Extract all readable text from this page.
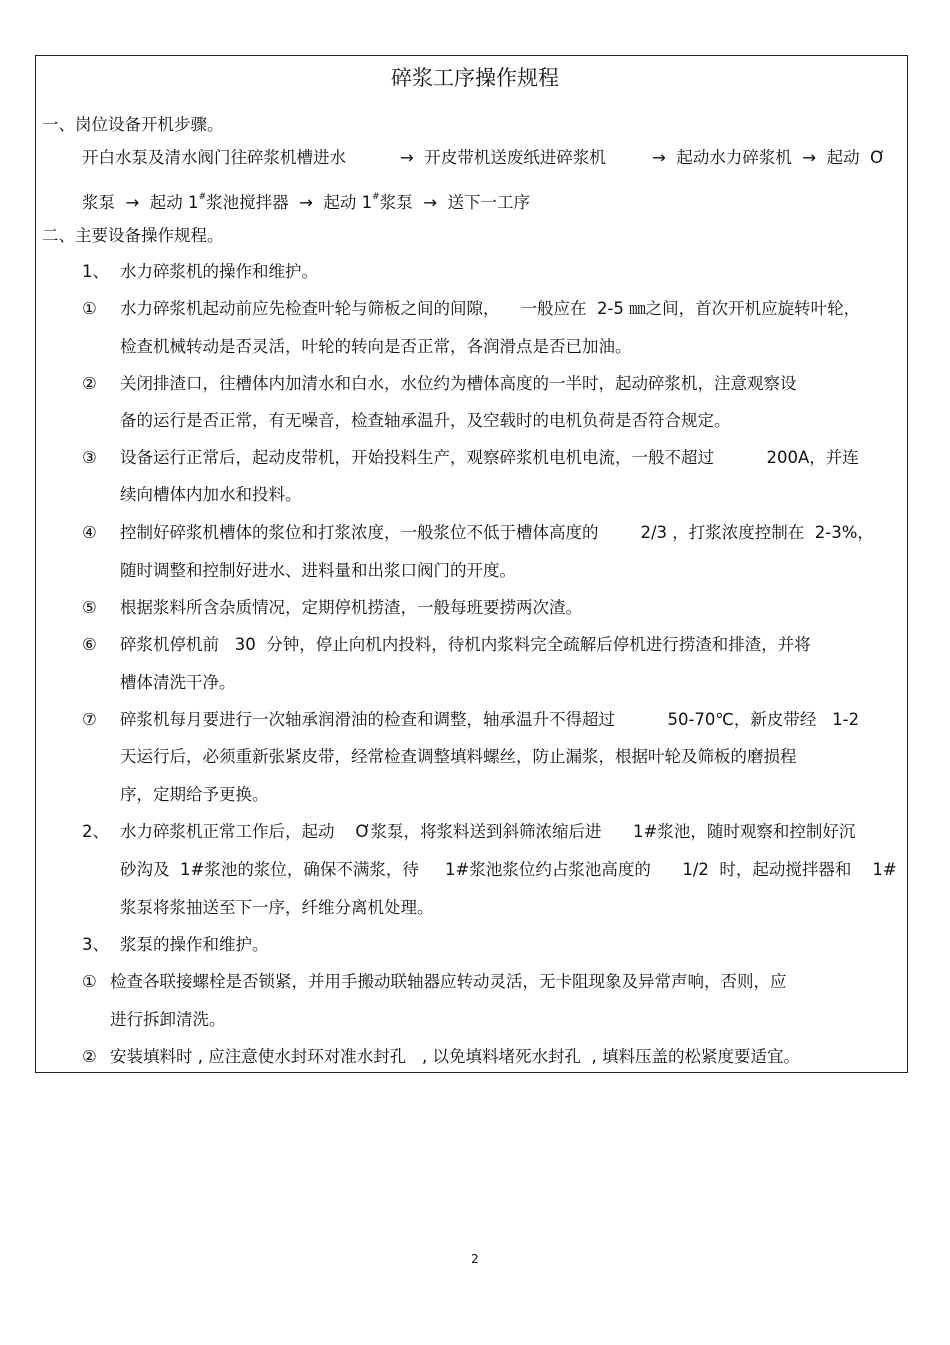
碎浆工序操作规程
一、岗位设备开机步骤。
开白水泵及清水阀门往碎浆机槽进水	→  开皮带机送废纸进碎浆机	→  起动水力碎浆机  →  起动  Ơ
浆泵  →  起动 1#浆池搅拌器  →  起动 1#浆泵  →  送下一工序
二、主要设备操作规程。
1、 水力碎浆机的操作和维护。
① 水力碎浆机起动前应先检查叶轮与筛板之间的间隙，    一般应在  2-5 ㎜之间，首次开机应旋转叶轮，
检查机械转动是否灵活，叶轮的转向是否正常，各润滑点是否已加油。
② 关闭排渣口，往槽体内加清水和白水，水位约为槽体高度的一半时，起动碎浆机，注意观察设
备的运行是否正常，有无噪音，检查轴承温升，及空载时的电机负荷是否符合规定。
③ 设备运行正常后，起动皮带机，开始投料生产，观察碎浆机电机电流，一般不超过          200A，并连
续向槽体内加水和投料。
④ 控制好碎浆机槽体的浆位和打浆浓度，一般浆位不低于槽体高度的        2/3 ，打浆浓度控制在  2-3%，
随时调整和控制好进水、进料量和出浆口阀门的开度。
⑤ 根据浆料所含杂质情况，定期停机捞渣，一般每班要捞两次渣。
⑥ 碎浆机停机前   30  分钟，停止向机内投料，待机内浆料完全疏解后停机进行捞渣和排渣，并将
槽体清洗干净。
⑦ 碎浆机每月要进行一次轴承润滑油的检查和调整，轴承温升不得超过          50-70℃，新皮带经   1-2
天运行后，必须重新张紧皮带，经常检查调整填料螺丝，防止漏浆，根据叶轮及筛板的磨损程
序，定期给予更换。
2、 水力碎浆机正常工作后，起动    Ơ浆泵，将浆料送到斜筛浓缩后进      1#浆池，随时观察和控制好沉
砂沟及  1#浆池的浆位，确保不满浆，待     1#浆池浆位约占浆池高度的      1/2  时，起动搅拌器和    1#
浆泵将浆抽送至下一序，纤维分离机处理。
3、 浆泵的操作和维护。
① 检查各联接螺栓是否锁紧，并用手搬动联轴器应转动灵活，无卡阻现象及异常声响，否则，应
进行拆卸清洗。
② 安装填料时 , 应注意使水封环对准水封孔   , 以免填料堵死水封孔  , 填料压盖的松紧度要适宜。
2
